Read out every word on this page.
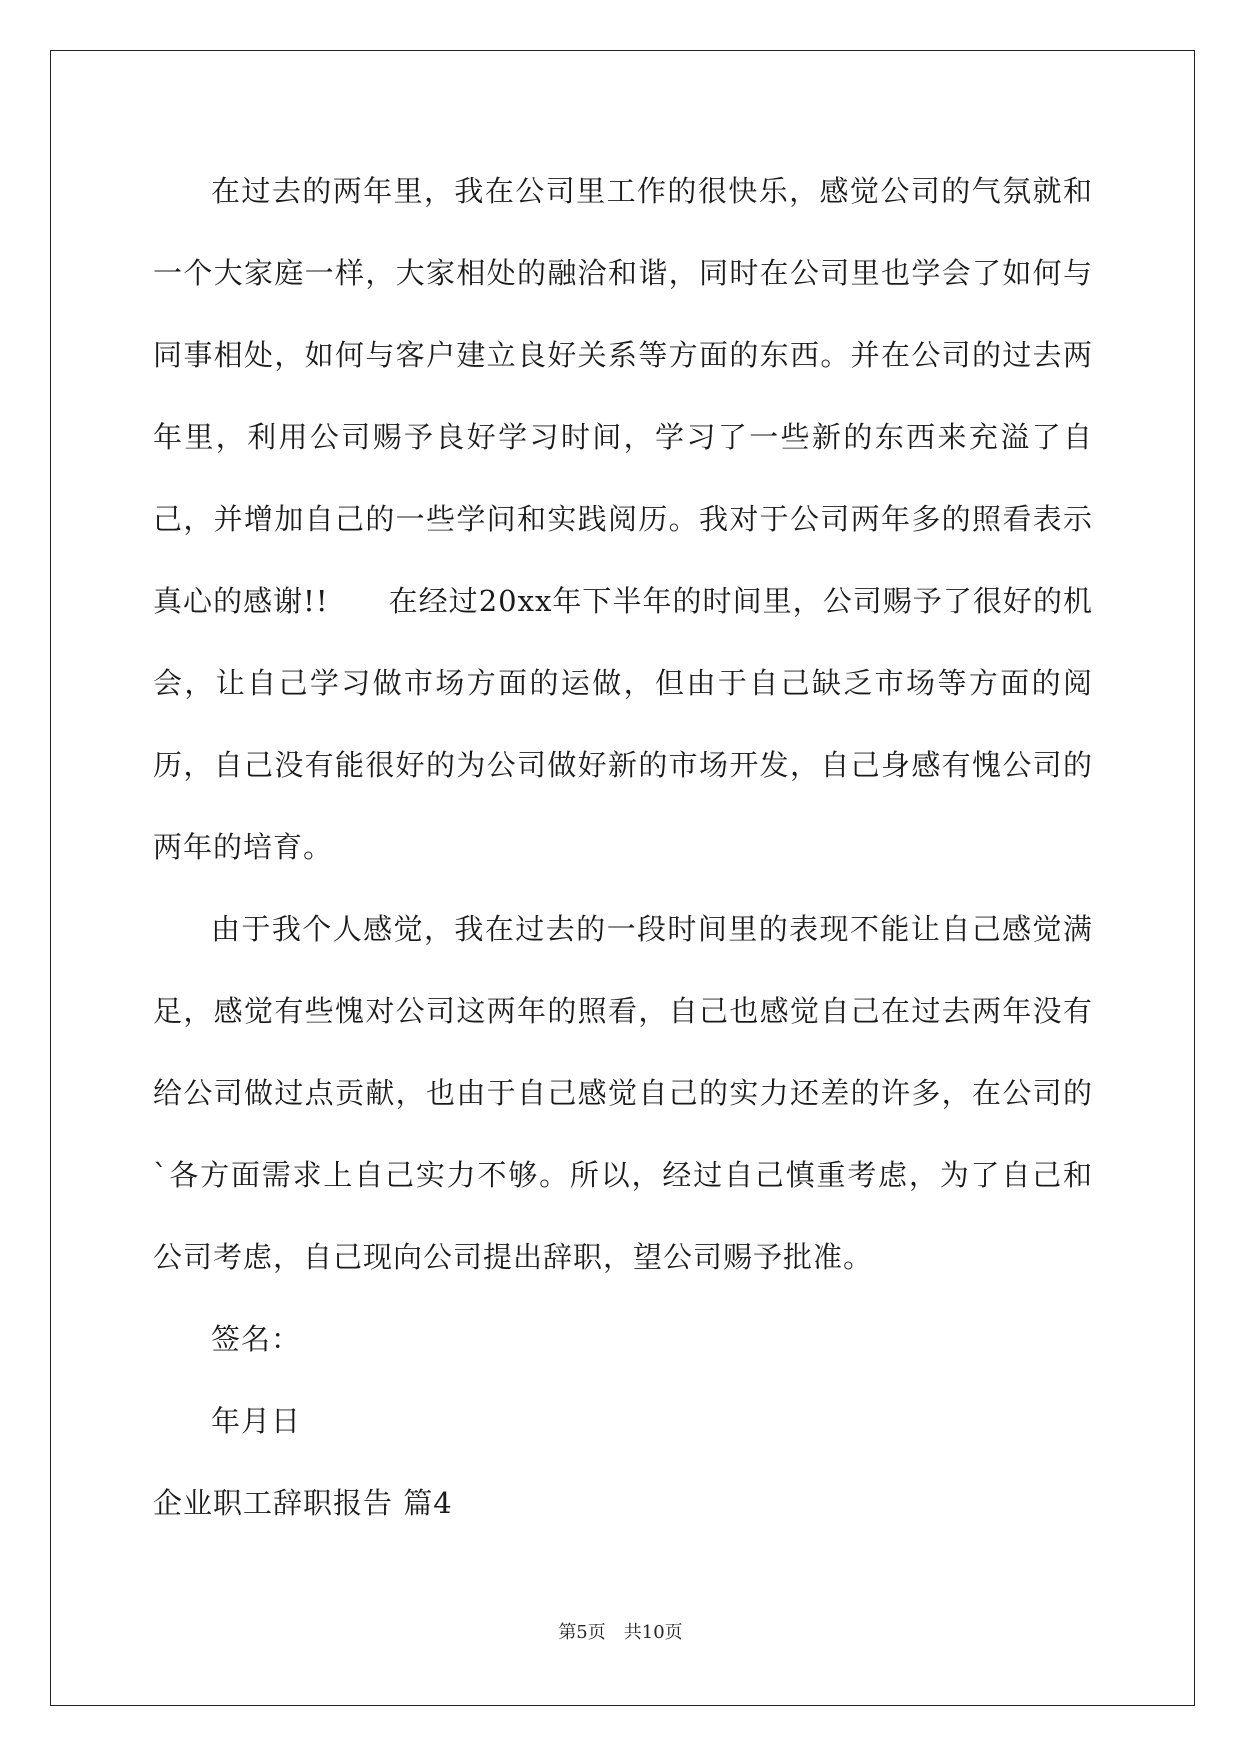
在过去的两年里，我在公司里工作的很快乐，感觉公司的气氛就和一个大家庭一样，大家相处的融洽和谐，同时在公司里也学会了如何与同事相处，如何与客户建立良好关系等方面的东西。并在公司的过去两年里，利用公司赐予良好学习时间，学习了一些新的东西来充溢了自己，并增加自己的一些学问和实践阅历。我对于公司两年多的照看表示真心的感谢!!　　在经过20xx年下半年的时间里，公司赐予了很好的机会，让自己学习做市场方面的运做，但由于自己缺乏市场等方面的阅历，自己没有能很好的为公司做好新的市场开发，自己身感有愧公司的两年的培育。

由于我个人感觉，我在过去的一段时间里的表现不能让自己感觉满足，感觉有些愧对公司这两年的照看，自己也感觉自己在过去两年没有给公司做过点贡献，也由于自己感觉自己的实力还差的许多，在公司的`各方面需求上自己实力不够。所以，经过自己慎重考虑，为了自己和公司考虑，自己现向公司提出辞职，望公司赐予批准。

签名：

年月日

企业职工辞职报告 篇4

第5页　共10页
